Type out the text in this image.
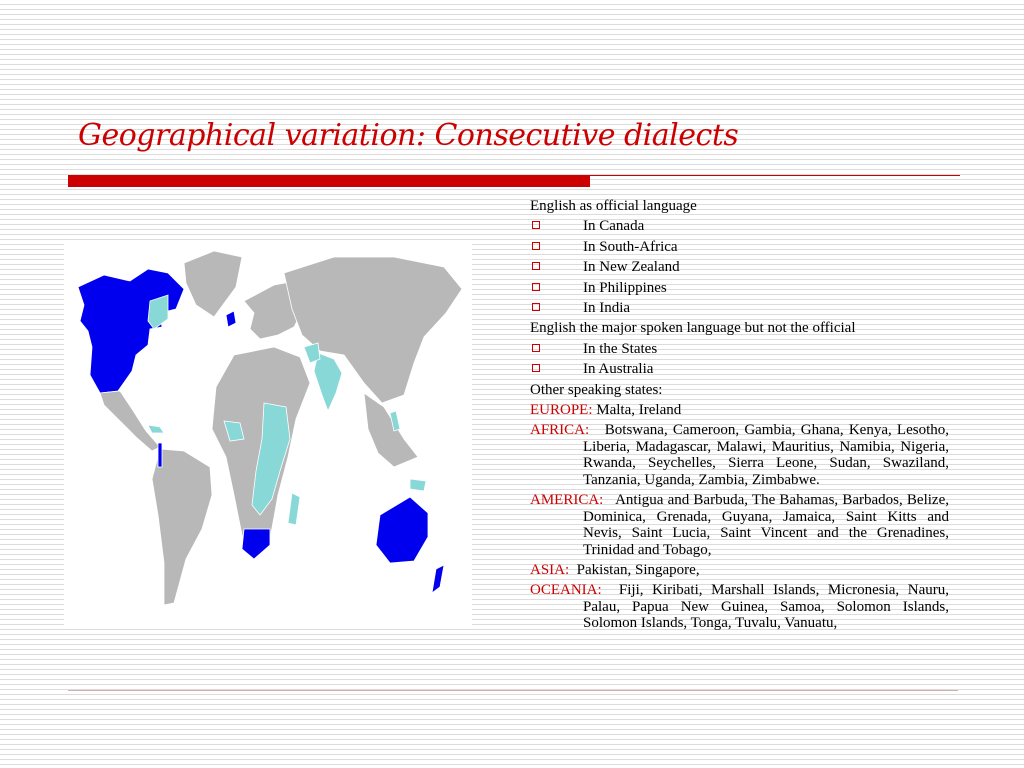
Geographical variation: Consecutive dialects
English as official language
In Canada
In South-Africa
In New Zealand
In Philippines
In India
English the major spoken language but not the official
In the States
In Australia
Other speaking states:
EUROPE: Malta, Ireland
AFRICA: Botswana, Cameroon, Gambia, Ghana, Kenya, Lesotho, Liberia, Madagascar, Malawi, Mauritius, Namibia, Nigeria, Rwanda, Seychelles, Sierra Leone, Sudan, Swaziland, Tanzania, Uganda, Zambia, Zimbabwe.
AMERICA: Antigua and Barbuda, The Bahamas, Barbados, Belize, Dominica, Grenada, Guyana, Jamaica, Saint Kitts and Nevis, Saint Lucia, Saint Vincent and the Grenadines, Trinidad and Tobago,
ASIA: Pakistan, Singapore,
OCEANIA: Fiji, Kiribati, Marshall Islands, Micronesia, Nauru, Palau, Papua New Guinea, Samoa, Solomon Islands, Solomon Islands, Tonga, Tuvalu, Vanuatu,
